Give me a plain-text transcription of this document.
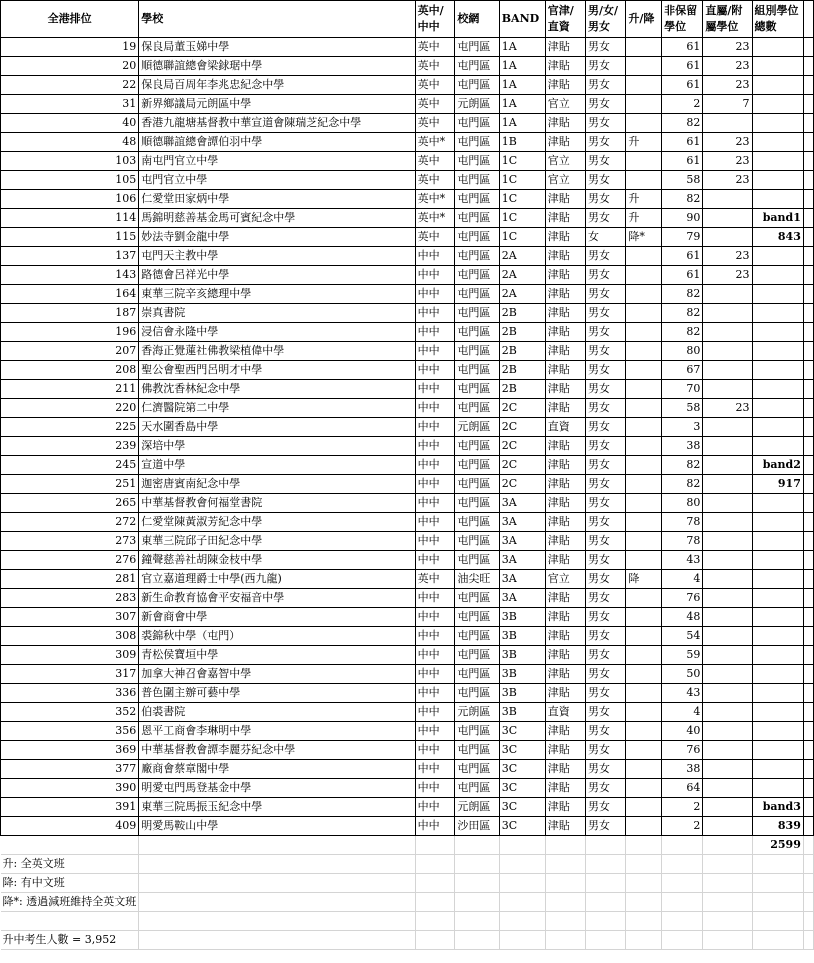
全港排位	學校	英中/中中	校網	BAND	官津/直資	男/女/男女	升/降	非保留學位	直屬/附屬學位	組別學位總數	
19	保良局董玉娣中學	英中	屯門區	1A	津貼	男女		61	23		
20	順德聯誼總會梁銶琚中學	英中	屯門區	1A	津貼	男女		61	23		
22	保良局百周年李兆忠紀念中學	英中	屯門區	1A	津貼	男女		61	23		
31	新界鄉議局元朗區中學	英中	元朗區	1A	官立	男女		2	7		
40	香港九龍塘基督教中華宣道會陳瑞芝紀念中學	英中	屯門區	1A	津貼	男女		82			
48	順德聯誼總會譚伯羽中學	英中*	屯門區	1B	津貼	男女	升	61	23		
103	南屯門官立中學	英中	屯門區	1C	官立	男女		61	23		
105	屯門官立中學	英中	屯門區	1C	官立	男女		58	23		
106	仁愛堂田家炳中學	英中*	屯門區	1C	津貼	男女	升	82			
114	馬錦明慈善基金馬可賓紀念中學	英中*	屯門區	1C	津貼	男女	升	90		band1	
115	妙法寺劉金龍中學	英中	屯門區	1C	津貼	女	降*	79		843	
137	屯門天主教中學	中中	屯門區	2A	津貼	男女		61	23		
143	路德會呂祥光中學	中中	屯門區	2A	津貼	男女		61	23		
164	東華三院辛亥總理中學	中中	屯門區	2A	津貼	男女		82			
187	崇真書院	中中	屯門區	2B	津貼	男女		82			
196	浸信會永隆中學	中中	屯門區	2B	津貼	男女		82			
207	香海正覺蓮社佛教梁植偉中學	中中	屯門區	2B	津貼	男女		80			
208	聖公會聖西門呂明才中學	中中	屯門區	2B	津貼	男女		67			
211	佛教沈香林紀念中學	中中	屯門區	2B	津貼	男女		70			
220	仁濟醫院第二中學	中中	屯門區	2C	津貼	男女		58	23		
225	天水圍香島中學	中中	元朗區	2C	直資	男女		3			
239	深培中學	中中	屯門區	2C	津貼	男女		38			
245	宣道中學	中中	屯門區	2C	津貼	男女		82		band2	
251	迦密唐賓南紀念中學	中中	屯門區	2C	津貼	男女		82		917	
265	中華基督教會何福堂書院	中中	屯門區	3A	津貼	男女		80			
272	仁愛堂陳黃淑芳紀念中學	中中	屯門區	3A	津貼	男女		78			
273	東華三院邱子田紀念中學	中中	屯門區	3A	津貼	男女		78			
276	鐘聲慈善社胡陳金枝中學	中中	屯門區	3A	津貼	男女		43			
281	官立嘉道理爵士中學(西九龍)	英中	油尖旺	3A	官立	男女	降	4			
283	新生命教育協會平安福音中學	中中	屯門區	3A	津貼	男女		76			
307	新會商會中學	中中	屯門區	3B	津貼	男女		48			
308	裘錦秋中學（屯門）	中中	屯門區	3B	津貼	男女		54			
309	青松侯寶垣中學	中中	屯門區	3B	津貼	男女		59			
317	加拿大神召會嘉智中學	中中	屯門區	3B	津貼	男女		50			
336	普色圍主辦可藝中學	中中	屯門區	3B	津貼	男女		43			
352	伯裘書院	中中	元朗區	3B	直資	男女		4			
356	恩平工商會李琳明中學	中中	屯門區	3C	津貼	男女		40			
369	中華基督教會譚李麗芬紀念中學	中中	屯門區	3C	津貼	男女		76			
377	廠商會蔡章閣中學	中中	屯門區	3C	津貼	男女		38			
390	明愛屯門馬登基金中學	中中	屯門區	3C	津貼	男女		64			
391	東華三院馬振玉紀念中學	中中	元朗區	3C	津貼	男女		2		band3	
409	明愛馬鞍山中學	中中	沙田區	3C	津貼	男女		2		839	
										2599	
升: 全英文班											
降: 有中文班											
降*: 透過減班維持全英文班											

升中考生人數 = 3,952											
